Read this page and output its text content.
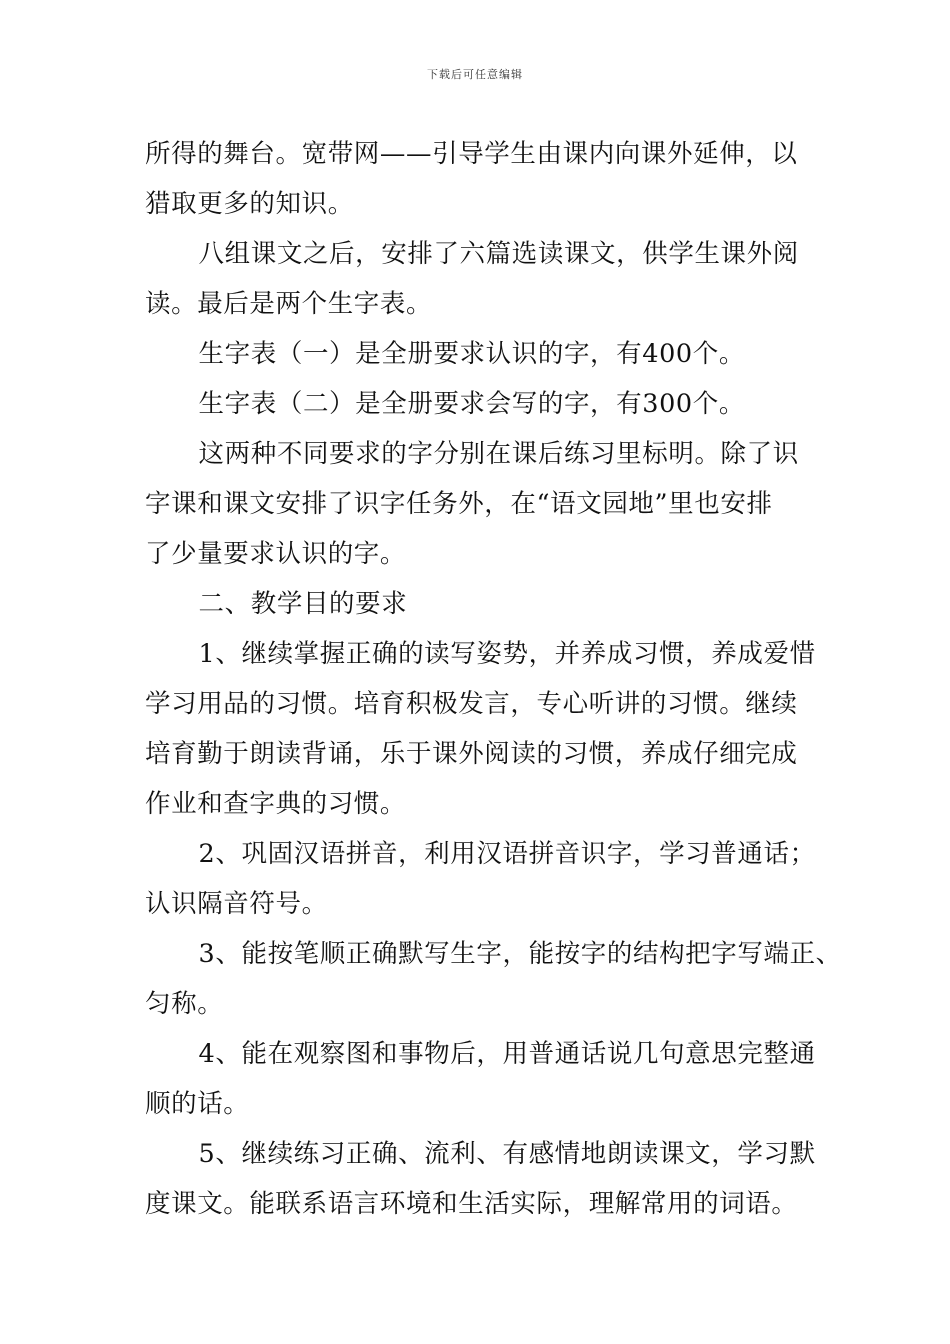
下载后可任意编辑

所得的舞台。宽带网——引导学生由课内向课外延伸，以
猎取更多的知识。

八组课文之后，安排了六篇选读课文，供学生课外阅
读。最后是两个生字表。

生字表（一）是全册要求认识的字，有400个。

生字表（二）是全册要求会写的字，有300个。

这两种不同要求的字分别在课后练习里标明。除了识
字课和课文安排了识字任务外，在“语文园地”里也安排
了少量要求认识的字。

二、教学目的要求

1、继续掌握正确的读写姿势，并养成习惯，养成爱惜
学习用品的习惯。培育积极发言，专心听讲的习惯。继续
培育勤于朗读背诵，乐于课外阅读的习惯，养成仔细完成
作业和查字典的习惯。

2、巩固汉语拼音，利用汉语拼音识字，学习普通话；
认识隔音符号。

3、能按笔顺正确默写生字，能按字的结构把字写端正、
匀称。

4、能在观察图和事物后，用普通话说几句意思完整通
顺的话。

5、继续练习正确、流利、有感情地朗读课文，学习默
度课文。能联系语言环境和生活实际，理解常用的词语。
